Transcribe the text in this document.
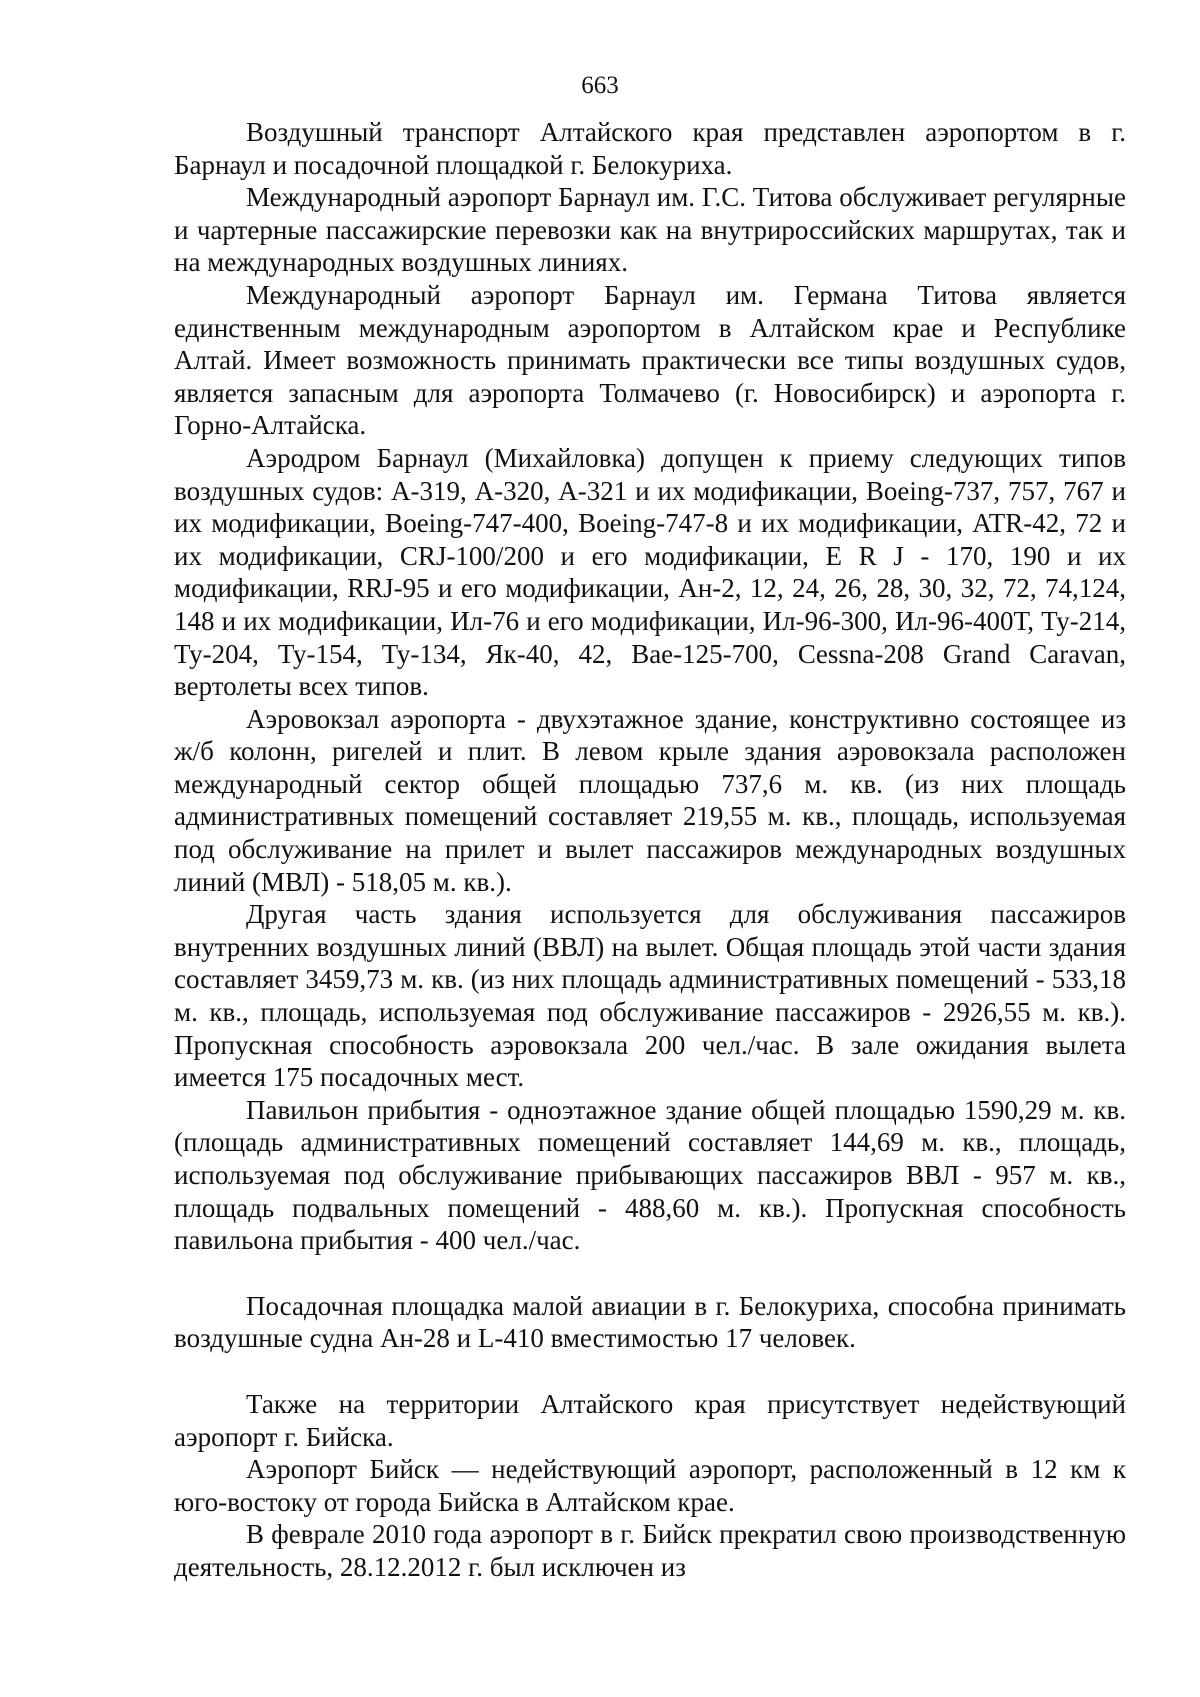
663

Воздушный транспорт Алтайского края представлен аэропортом в г. Барнаул и посадочной площадкой г. Белокуриха.

Международный аэропорт Барнаул им. Г.С. Титова обслуживает регулярные и чартерные пассажирские перевозки как на внутрироссийских маршрутах, так и на международных воздушных линиях.

Международный аэропорт Барнаул им. Германа Титова является единственным международным аэропортом в Алтайском крае и Республике Алтай. Имеет возможность принимать практически все типы воздушных судов, является запасным для аэропорта Толмачево (г. Новосибирск) и аэропорта г. Горно-Алтайска.

Аэродром Барнаул (Михайловка) допущен к приему следующих типов воздушных судов: А-319, А-320, А-321 и их модификации, Boeing-737, 757, 767 и их модификации, Boeing-747-400, Boeing-747-8 и их модификации, ATR-42, 72 и их модификации, CRJ-100/200 и его модификации, E R J - 170, 190 и их модификации, RRJ-95 и его модификации, Ан-2, 12, 24, 26, 28, 30, 32, 72, 74,124, 148 и их модификации, Ил-76 и его модификации, Ил-96-300, Ил-96-400Т, Ту-214, Ту-204, Ту-154, Ту-134, Як-40, 42, Bae-125-700, Cessna-208 Grand Caravan, вертолеты всех типов.

Аэровокзал аэропорта - двухэтажное здание, конструктивно состоящее из ж/б колонн, ригелей и плит. В левом крыле здания аэровокзала расположен международный сектор общей площадью 737,6 м. кв. (из них площадь административных помещений составляет 219,55 м. кв., площадь, используемая под обслуживание на прилет и вылет пассажиров международных воздушных линий (МВЛ) - 518,05 м. кв.).

Другая часть здания используется для обслуживания пассажиров внутренних воздушных линий (ВВЛ) на вылет. Общая площадь этой части здания составляет 3459,73 м. кв. (из них площадь административных помещений - 533,18 м. кв., площадь, используемая под обслуживание пассажиров - 2926,55 м. кв.). Пропускная способность аэровокзала 200 чел./час. В зале ожидания вылета имеется 175 посадочных мест.

Павильон прибытия - одноэтажное здание общей площадью 1590,29 м. кв. (площадь административных помещений составляет 144,69 м. кв., площадь, используемая под обслуживание прибывающих пассажиров ВВЛ - 957 м. кв., площадь подвальных помещений - 488,60 м. кв.). Пропускная способность павильона прибытия - 400 чел./час.

Посадочная площадка малой авиации в г. Белокуриха, способна принимать воздушные судна Ан-28 и L-410 вместимостью 17 человек.

Также на территории Алтайского края присутствует недействующий аэропорт г. Бийска.

Аэропорт Бийск — недействующий аэропорт, расположенный в 12 км к юго-востоку от города Бийска в Алтайском крае.

В феврале 2010 года аэропорт в г. Бийск прекратил свою производственную деятельность, 28.12.2012 г. был исключен из
